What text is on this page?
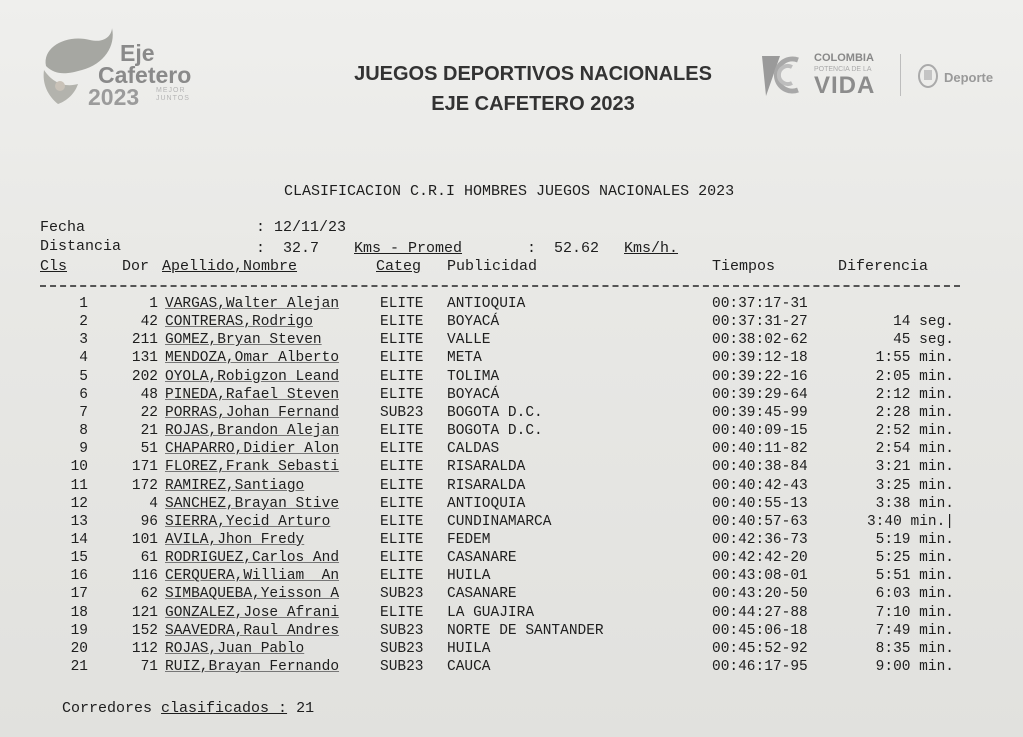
Eje
Cafetero
2023 MEJOR
JUNTOS
JUEGOS DEPORTIVOS NACIONALES
EJE CAFETERO 2023
COLOMBIA
POTENCIA DE LA
VIDA	Deporte
CLASIFICACION C.R.I HOMBRES JUEGOS NACIONALES 2023
Fecha	: 12/11/23
Distancia	:  32.7 Kms - Promed	:  52.62 Kms/h.
Cls	Dor Apellido,Nombre	Categ Publicidad	Tiempos	Diferencia
1	1 VARGAS,Walter Alejan	ELITE	ANTIOQUIA	00:37:17-31
2	42 CONTRERAS,Rodrigo	ELITE	BOYACÁ	00:37:31-27	14 seg.
3	211 GOMEZ,Bryan Steven	ELITE	VALLE	00:38:02-62	45 seg.
4	131 MENDOZA,Omar Alberto	ELITE	META	00:39:12-18	1:55 min.
5	202 OYOLA,Robigzon Leand	ELITE	TOLIMA	00:39:22-16	2:05 min.
6	48 PINEDA,Rafael Steven	ELITE	BOYACÁ	00:39:29-64	2:12 min.
7	22 PORRAS,Johan Fernand	SUB23	BOGOTA D.C.	00:39:45-99	2:28 min.
8	21 ROJAS,Brandon Alejan	ELITE	BOGOTA D.C.	00:40:09-15	2:52 min.
9	51 CHAPARRO,Didier Alon	ELITE	CALDAS	00:40:11-82	2:54 min.
10	171 FLOREZ,Frank Sebasti	ELITE	RISARALDA	00:40:38-84	3:21 min.
11	172 RAMIREZ,Santiago	ELITE	RISARALDA	00:40:42-43	3:25 min.
12	4 SANCHEZ,Brayan Stive	ELITE	ANTIOQUIA	00:40:55-13	3:38 min.
13	96 SIERRA,Yecid Arturo	ELITE	CUNDINAMARCA	00:40:57-63	3:40 min.|
14	101 AVILA,Jhon Fredy	ELITE	FEDEM	00:42:36-73	5:19 min.
15	61 RODRIGUEZ,Carlos And	ELITE	CASANARE	00:42:42-20	5:25 min.
16	116 CERQUERA,William  An	ELITE	HUILA	00:43:08-01	5:51 min.
17	62 SIMBAQUEBA,Yeisson A	SUB23	CASANARE	00:43:20-50	6:03 min.
18	121 GONZALEZ,Jose Afrani	ELITE	LA GUAJIRA	00:44:27-88	7:10 min.
19	152 SAAVEDRA,Raul Andres	SUB23	NORTE DE SANTANDER	00:45:06-18	7:49 min.
20	112 ROJAS,Juan Pablo	SUB23	HUILA	00:45:52-92	8:35 min.
21	71 RUIZ,Brayan Fernando	SUB23	CAUCA	00:46:17-95	9:00 min.
Corredores clasificados : 21
